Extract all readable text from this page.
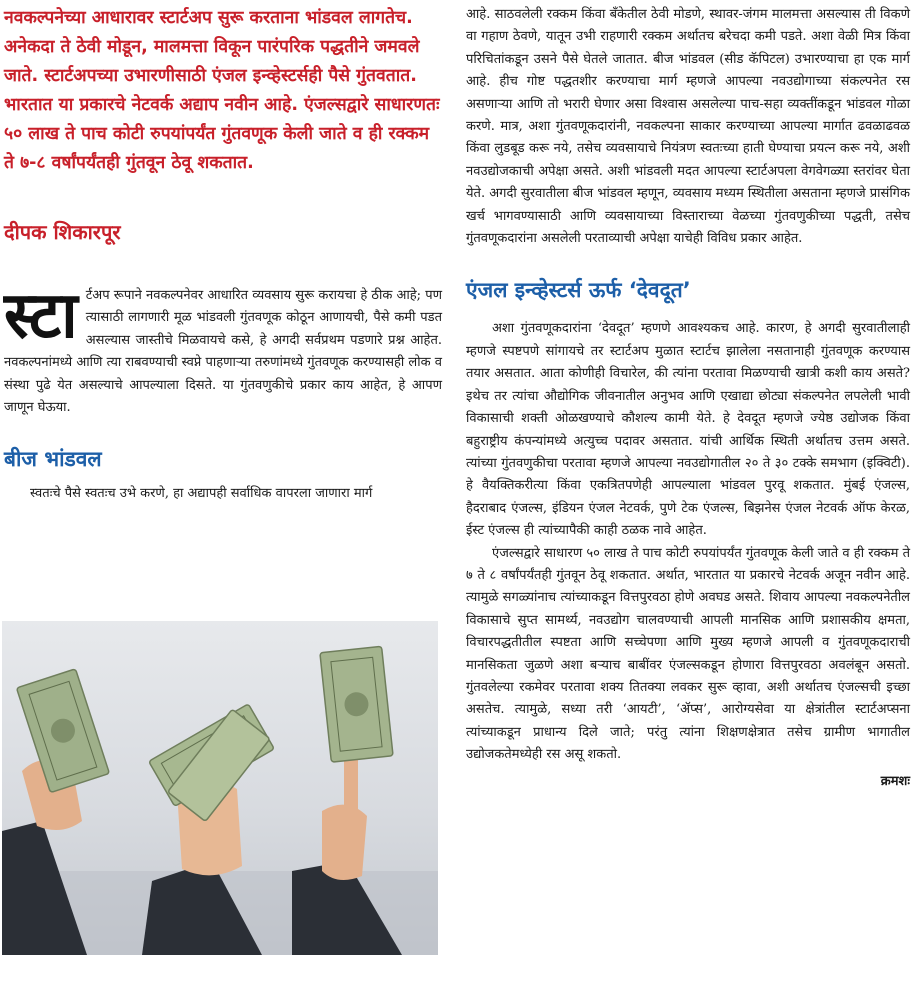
नवकल्पनेच्या आधारावर स्टार्टअप सुरू करताना भांडवल लागतेच. अनेकदा ते ठेवी मोडून, मालमत्ता विकून पारंपरिक पद्धतीने जमवले जाते. स्टार्टअपच्या उभारणीसाठी एंजल इन्व्हेस्टर्सही पैसे गुंतवतात. भारतात या प्रकारचे नेटवर्क अद्याप नवीन आहे. एंजल्सद्वारे साधारणतः ५० लाख ते पाच कोटी रुपयांपर्यंत गुंतवणूक केली जाते व ही रक्कम ते ७-८ वर्षांपर्यंतही गुंतवून ठेवू शकतात.

दीपक शिकारपूर
स्टा र्टअप रूपाने नवकल्पनेवर आधारित व्यवसाय सुरू करायचा हे ठीक आहे; पण त्यासाठी लागणारी मूळ भांडवली गुंतवणूक कोठून आणायची, पैसे कमी पडत असल्यास जास्तीचे मिळवायचे कसे, हे अगदी सर्वप्रथम पडणारे प्रश्न आहेत. नवकल्पनांमध्ये आणि त्या राबवण्याची स्वप्ने पाहणाऱ्या तरुणांमध्ये गुंतवणूक करण्यासही लोक व संस्था पुढे येत असल्याचे आपल्याला दिसते. या गुंतवणुकीचे प्रकार काय आहेत, हे आपण जाणून घेऊया.

बीज भांडवल

स्वतःचे पैसे स्वतःच उभे करणे, हा अद्यापही सर्वाधिक वापरला जाणारा मार्ग

आहे. साठवलेली रक्कम किंवा बँकेतील ठेवी मोडणे, स्थावर-जंगम मालमत्ता असल्यास ती विकणे वा गहाण ठेवणे, यातून उभी राहणारी रक्कम अर्थातच बरेचदा कमी पडते. अशा वेळी मित्र किंवा परिचितांकडून उसने पैसे घेतले जातात. बीज भांडवल (सीड कॅपिटल) उभारण्याचा हा एक मार्ग आहे. हीच गोष्ट पद्धतशीर करण्याचा मार्ग म्हणजे आपल्या नवउद्योगाच्या संकल्पनेत रस असणाऱ्या आणि तो भरारी घेणार असा विश्वास असलेल्या पाच-सहा व्यक्तींकडून भांडवल गोळा करणे. मात्र, अशा गुंतवणूकदारांनी, नवकल्पना साकार करण्याच्या आपल्या मार्गात ढवळाढवळ किंवा लुडबूड करू नये, तसेच व्यवसायाचे नियंत्रण स्वतःच्या हाती घेण्याचा प्रयत्न करू नये, अशी नवउद्योजकाची अपेक्षा असते. अशी भांडवली मदत आपल्या स्टार्टअपला वेगवेगळ्या स्तरांवर घेता येते. अगदी सुरवातीला बीज भांडवल म्हणून, व्यवसाय मध्यम स्थितीला असताना म्हणजे प्रासंगिक खर्च भागवण्यासाठी आणि व्यवसायाच्या विस्ताराच्या वेळच्या गुंतवणुकीच्या पद्धती, तसेच गुंतवणूकदारांना असलेली परताव्याची अपेक्षा याचेही विविध प्रकार आहेत.

एंजल इन्व्हेस्टर्स ऊर्फ ‘देवदूत’

अशा गुंतवणूकदारांना ‘देवदूत’ म्हणणे आवश्यकच आहे. कारण, हे अगदी सुरवातीलाही म्हणजे स्पष्टपणे सांगायचे तर स्टार्टअप मुळात स्टार्टच झालेला नसतानाही गुंतवणूक करण्यास तयार असतात. आता कोणीही विचारेल, की त्यांना परतावा मिळण्याची खात्री कशी काय असते? इथेच तर त्यांचा औद्योगिक जीवनातील अनुभव आणि एखाद्या छोट्या संकल्पनेत लपलेली भावी विकासाची शक्ती ओळखण्याचे कौशल्य कामी येते. हे देवदूत म्हणजे ज्येष्ठ उद्योजक किंवा बहुराष्ट्रीय कंपन्यांमध्ये अत्युच्च पदावर असतात. यांची आर्थिक स्थिती अर्थातच उत्तम असते. त्यांच्या गुंतवणुकीचा परतावा म्हणजे आपल्या नवउद्योगातील २० ते ३० टक्के समभाग (इक्विटी). हे वैयक्तिकरीत्या किंवा एकत्रितपणेही आपल्याला भांडवल पुरवू शकतात. मुंबई एंजल्स, हैदराबाद एंजल्स, इंडियन एंजल नेटवर्क, पुणे टेक एंजल्स, बिझनेस एंजल नेटवर्क ऑफ केरळ, ईस्ट एंजल्स ही त्यांच्यापैकी काही ठळक नावे आहेत.

एंजल्सद्वारे साधारण ५० लाख ते पाच कोटी रुपयांपर्यंत गुंतवणूक केली जाते व ही रक्कम ते ७ ते ८ वर्षांपर्यंतही गुंतवून ठेवू शकतात. अर्थात, भारतात या प्रकारचे नेटवर्क अजून नवीन आहे. त्यामुळे सगळ्यांनाच त्यांच्याकडून वित्तपुरवठा होणे अवघड असते. शिवाय आपल्या नवकल्पनेतील विकासाचे सुप्त सामर्थ्य, नवउद्योग चालवण्याची आपली मानसिक आणि प्रशासकीय क्षमता, विचारपद्धतीतील स्पष्टता आणि सच्चेपणा आणि मुख्य म्हणजे आपली व गुंतवणूकदाराची मानसिकता जुळणे अशा बऱ्याच बाबींवर एंजल्सकडून होणारा वित्तपुरवठा अवलंबून असतो. गुंतवलेल्या रकमेवर परतावा शक्य तितक्या लवकर सुरू व्हावा, अशी अर्थातच एंजल्सची इच्छा असतेच. त्यामुळे, सध्या तरी ‘आयटी’, ‘ॲप्स’, आरोग्यसेवा या क्षेत्रांतील स्टार्टअप्सना त्यांच्याकडून प्राधान्य दिले जाते; परंतु त्यांना शिक्षणक्षेत्रात तसेच ग्रामीण भागातील उद्योजकतेमध्येही रस असू शकतो.

क्रमशः
